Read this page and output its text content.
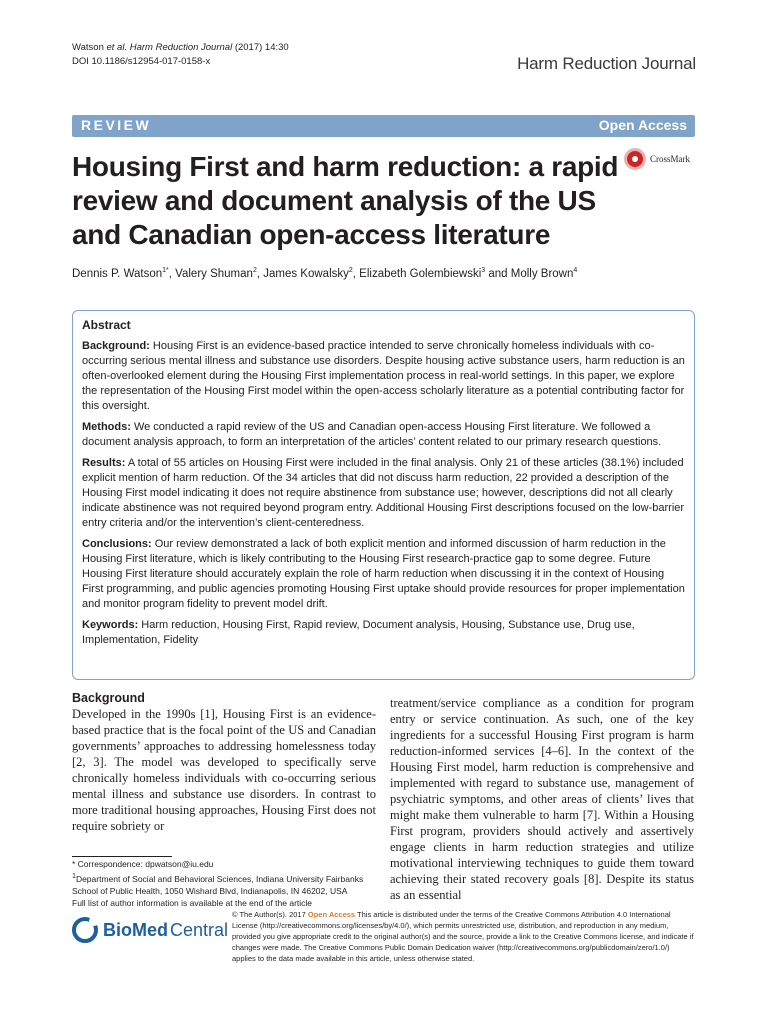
Watson et al. Harm Reduction Journal (2017) 14:30
DOI 10.1186/s12954-017-0158-x	Harm Reduction Journal
REVIEW	Open Access
Housing First and harm reduction: a rapid review and document analysis of the US and Canadian open-access literature
CrossMark
Dennis P. Watson$^{1*}$, Valery Shuman$^2$, James Kowalsky$^2$, Elizabeth Golembiewski$^3$ and Molly Brown$^4$
Abstract

Background: Housing First is an evidence-based practice intended to serve chronically homeless individuals with co-occurring serious mental illness and substance use disorders. Despite housing active substance users, harm reduction is an often-overlooked element during the Housing First implementation process in real-world settings. In this paper, we explore the representation of the Housing First model within the open-access scholarly literature as a potential contributing factor for this oversight.

Methods: We conducted a rapid review of the US and Canadian open-access Housing First literature. We followed a document analysis approach, to form an interpretation of the articles’ content related to our primary research questions.

Results: A total of 55 articles on Housing First were included in the final analysis. Only 21 of these articles (38.1%) included explicit mention of harm reduction. Of the 34 articles that did not discuss harm reduction, 22 provided a description of the Housing First model indicating it does not require abstinence from substance use; however, descriptions did not all clearly indicate abstinence was not required beyond program entry. Additional Housing First descriptions focused on the low-barrier entry criteria and/or the intervention’s client-centeredness.

Conclusions: Our review demonstrated a lack of both explicit mention and informed discussion of harm reduction in the Housing First literature, which is likely contributing to the Housing First research-practice gap to some degree. Future Housing First literature should accurately explain the role of harm reduction when discussing it in the context of Housing First programming, and public agencies promoting Housing First uptake should provide resources for proper implementation and monitor program fidelity to prevent model drift.

Keywords: Harm reduction, Housing First, Rapid review, Document analysis, Housing, Substance use, Drug use, Implementation, Fidelity

Background

Developed in the 1990s [1], Housing First is an evidence-based practice that is the focal point of the US and Canadian governments’ approaches to addressing homelessness today [2, 3]. The model was developed to specifically serve chronically homeless individuals with co-occurring serious mental illness and substance use disorders. In contrast to more traditional housing approaches, Housing First does not require sobriety or

treatment/service compliance as a condition for program entry or service continuation. As such, one of the key ingredients for a successful Housing First program is harm reduction-informed services [4–6]. In the context of the Housing First model, harm reduction is comprehensive and implemented with regard to substance use, management of psychiatric symptoms, and other areas of clients’ lives that might make them vulnerable to harm [7]. Within a Housing First program, providers should actively and assertively engage clients in harm reduction strategies and utilize motivational interviewing techniques to guide them toward achieving their stated recovery goals [8]. Despite its status as an essential

* Correspondence: dpwatson@iu.edu
$^1$Department of Social and Behavioral Sciences, Indiana University Fairbanks School of Public Health, 1050 Wishard Blvd, Indianapolis, IN 46202, USA
Full list of author information is available at the end of the article
BioMed Central
© The Author(s). 2017 Open Access This article is distributed under the terms of the Creative Commons Attribution 4.0 International License (http://creativecommons.org/licenses/by/4.0/), which permits unrestricted use, distribution, and reproduction in any medium, provided you give appropriate credit to the original author(s) and the source, provide a link to the Creative Commons license, and indicate if changes were made. The Creative Commons Public Domain Dedication waiver (http://creativecommons.org/publicdomain/zero/1.0/) applies to the data made available in this article, unless otherwise stated.
